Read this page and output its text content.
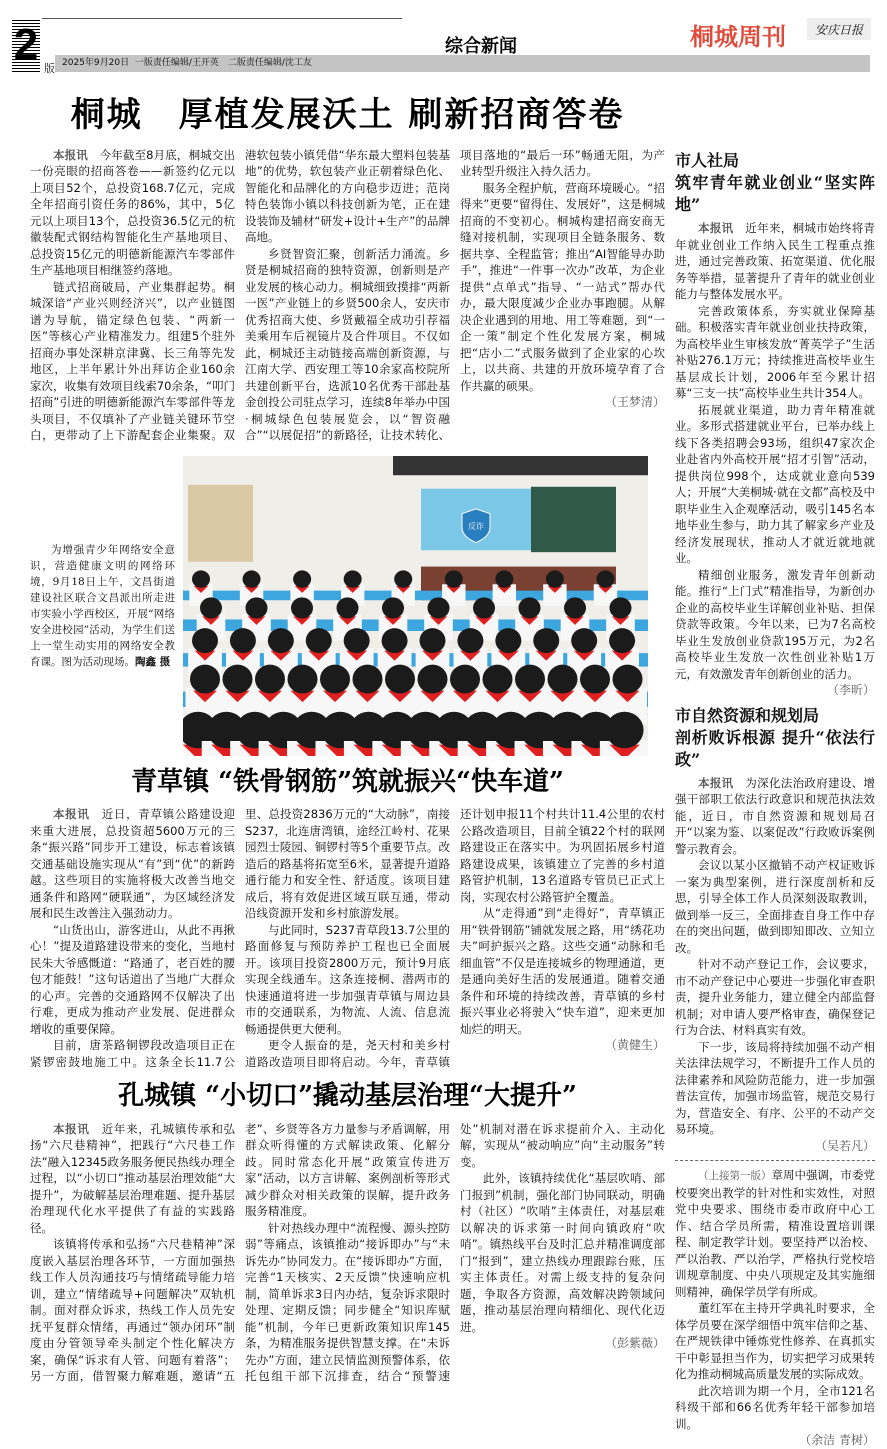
2 版 2025年9月20日 一版责任编辑/王开英　二版责任编辑/沈工友
综合新闻	桐城周刊	安庆日报
桐城　厚植发展沃土 刷新招商答卷

本报讯　 今年截至8月底，桐城交出一份亮眼的招商答卷——新签约亿元以上项目52个，总投资168.7亿元，完成全年招商引资任务的86%，其中，5亿元以上项目13个，总投资36.5亿元的杭徽装配式钢结构智能化生产基地项目、总投资15亿元的明德新能源汽车零部件生产基地项目相继签约落地。

链式招商破局，产业集群起势。桐城深谙“产业兴则经济兴”，以产业链图谱为导航，锚定绿色包装、“两新一医”等核心产业精准发力。组建5个驻外招商办事处深耕京津冀、长三角等先发地区，上半年累计外出拜访企业160余家次，收集有效项目线索70余条，“叩门招商”引进的明德新能源汽车零部件等龙头项目，不仅填补了产业链关键环节空白，更带动了上下游配套企业集聚。双港软包装小镇凭借“华东最大塑料包装基地”的优势，软包装产业正朝着绿色化、智能化和品牌化的方向稳步迈进；范岗特色装饰小镇以科技创新为笔，正在建设装饰及辅材“研发+设计+生产”的品牌高地。

乡贤智资汇聚，创新活力涌流。乡贤是桐城招商的独特资源，创新则是产业发展的核心动力。桐城细致摸排“两新一医”产业链上的乡贤500余人，安庆市优秀招商大使、乡贤戴福全成功引荐福美乘用车后视镜片及合件项目。不仅如此，桐城还主动链接高端创新资源，与江南大学、西安理工等10余家高校院所共建创新平台，选派10名优秀干部赴基金创投公司驻点学习，连续8年举办中国·桐城绿色包装展览会，以“智资融合”“以展促招”的新路径，让技术转化、项目落地的“最后一环”畅通无阻，为产业转型升级注入持久活力。

服务全程护航，营商环境暖心。“招得来”更要“留得住、发展好”，这是桐城招商的不变初心。桐城构建招商安商无缝对接机制，实现项目全链条服务、数据共享、全程监管；推出“AI智能导办助手”，推进“一件事一次办”改革，为企业提供“点单式”指导、“一站式”帮办代办，最大限度减少企业办事跑腿。从解决企业遇到的用地、用工等难题，到“一企一策”制定个性化发展方案，桐城把“店小二”式服务做到了企业家的心坎上，以共商、共建的开放环境孕育了合作共赢的硕果。

（王梦清）
为增强青少年网络安全意识，营造健康文明的网络环境，9月18日上午，文昌街道建设社区联合文昌派出所走进市实验小学西校区，开展“网络安全进校园”活动，为学生们送上一堂生动实用的网络安全教育课。图为活动现场。陶鑫 摄
反诈
青草镇 “铁骨钢筋”筑就振兴“快车道”

本报讯　 近日，青草镇公路建设迎来重大进展，总投资超5600万元的三条“振兴路”同步开工建设，标志着该镇交通基础设施实现从“有”到“优”的新跨越。这些项目的实施将极大改善当地交通条件和路网“硬联通”，为区域经济发展和民生改善注入强劲动力。

“山货出山，游客进山，从此不再揪心！”提及道路建设带来的变化，当地村民朱大爷感慨道：“路通了，老百姓的腰包才能鼓！”这句话道出了当地广大群众的心声。完善的交通路网不仅解决了出行难，更成为推动产业发展、促进群众增收的重要保障。

目前，唐茶路铜锣段改造项目正在紧锣密鼓地施工中。这条全长11.7公里、总投资2836万元的“大动脉”，南接S237，北连唐湾镇，途经江岭村、花果园烈士陵园、铜锣村等5个重要节点。改造后的路基将拓宽至6米，显著提升道路通行能力和安全性、舒适度。该项目建成后，将有效促进区域互联互通，带动沿线资源开发和乡村旅游发展。

与此同时，S237青草段13.7公里的路面修复与预防养护工程也已全面展开。该项目投资2800万元，预计9月底实现全线通车。这条连接桐、潜两市的快速通道将进一步加强青草镇与周边县市的交通联系，为物流、人流、信息流畅通提供更大便利。

更令人振奋的是，尧天村和美乡村道路改造项目即将启动。今年，青草镇还计划申报11个村共计11.4公里的农村公路改造项目，目前全镇22个村的联网路建设正在落实中。为巩固拓展乡村道路建设成果，该镇建立了完善的乡村道路管护机制，13名道路专管员已正式上岗，实现农村公路管护全覆盖。

从“走得通”到“走得好”，青草镇正用“铁骨钢筋”铺就发展之路，用“绣花功夫”呵护振兴之路。这些交通“动脉和毛细血管”不仅是连接城乡的物理通道，更是通向美好生活的发展通道。随着交通条件和环境的持续改善，青草镇的乡村振兴事业必将驶入“快车道”，迎来更加灿烂的明天。

（黄健生）
孔城镇 “小切口”撬动基层治理“大提升”

本报讯　 近年来，孔城镇传承和弘扬“六尺巷精神”，把践行“六尺巷工作法”融入12345政务服务便民热线办理全过程，以“小切口”推动基层治理效能“大提升”，为破解基层治理难题、提升基层治理现代化水平提供了有益的实践路径。

该镇将传承和弘扬“六尺巷精神”深度嵌入基层治理各环节，一方面加强热线工作人员沟通技巧与情绪疏导能力培训，建立“情绪疏导+问题解决”双轨机制。面对群众诉求，热线工作人员先安抚平复群众情绪，再通过“领办闭环”制度由分管领导牵头制定个性化解决方案，确保“诉求有人管、问题有着落”；另一方面，借智聚力解难题，邀请“五老”、乡贤等各方力量参与矛盾调解，用群众听得懂的方式解读政策、化解分歧。同时常态化开展“政策宣传进万家”活动，以方言讲解、案例剖析等形式减少群众对相关政策的误解，提升政务服务精准度。

针对热线办理中“流程慢、源头控防弱”等痛点，该镇推动“接诉即办”与“未诉先办”协同发力。在“接诉即办”方面，完善“1天核实、2天反馈”快速响应机制，简单诉求3日内办结，复杂诉求限时处理、定期反馈；同步健全“知识库赋能”机制，今年已更新政策知识库145条，为精准服务提供智慧支撑。在“未诉先办”方面，建立民情监测预警体系，依托包组干部下沉排查，结合“预警速处”机制对潜在诉求提前介入、主动化解，实现从“被动响应”向“主动服务”转变。

此外，该镇持续优化“基层吹哨、部门报到”机制，强化部门协同联动，明确村（社区）“吹哨”主体责任，对基层难以解决的诉求第一时间向镇政府“吹哨”。镇热线平台及时汇总并精准调度部门“报到”，建立热线办理跟踪台账，压实主体责任。对需上级支持的复杂问题，争取各方资源，高效解决跨领域问题，推动基层治理向精细化、现代化迈进。

（彭紫薇）
市人社局
筑牢青年就业创业“坚实阵地”

本报讯　 近年来，桐城市始终将青年就业创业工作纳入民生工程重点推进，通过完善政策、拓宽渠道、优化服务等举措，显著提升了青年的就业创业能力与整体发展水平。

完善政策体系，夯实就业保障基础。积极落实青年就业创业扶持政策，为高校毕业生审核发放“菁英学子”生活补贴276.1万元；持续推进高校毕业生基层成长计划，2006年至今累计招募“三支一扶”高校毕业生共计354人。

拓展就业渠道，助力青年精准就业。多形式搭建就业平台，已举办线上线下各类招聘会93场，组织47家次企业赴省内外高校开展“招才引智”活动，提供岗位998个，达成就业意向539人；开展“大美桐城·就在文都”高校及中职毕业生入企观摩活动，吸引145名本地毕业生参与，助力其了解家乡产业及经济发展现状，推动人才就近就地就业。

精细创业服务，激发青年创新动能。推行“上门式”精准指导，为新创办企业的高校毕业生详解创业补贴、担保贷款等政策。今年以来，已为7名高校毕业生发放创业贷款195万元，为2名高校毕业生发放一次性创业补贴1万元，有效激发青年创新创业的活力。

（李昕）
市自然资源和规划局
剖析败诉根源 提升“依法行政”

本报讯　 为深化法治政府建设、增强干部职工依法行政意识和规范执法效能，近日，市自然资源和规划局召开“以案为鉴、以案促改”行政败诉案例警示教育会。

会议以某小区撤销不动产权证败诉一案为典型案例，进行深度剖析和反思，引导全体工作人员深刻汲取教训，做到举一反三，全面排查自身工作中存在的突出问题，做到即知即改、立知立改。

针对不动产登记工作，会议要求，市不动产登记中心要进一步强化审查职责，提升业务能力，建立健全内部监督机制；对申请人要严格审查，确保登记行为合法、材料真实有效。

下一步，该局将持续加强不动产相关法律法规学习，不断提升工作人员的法律素养和风险防范能力，进一步加强普法宣传，加强市场监管，规范交易行为，营造安全、有序、公平的不动产交易环境。

（吴若凡）

（上接第一版）章周中强调，市委党校要突出教学的针对性和实效性，对照党中央要求、围绕市委市政府中心工作、结合学员所需，精准设置培训课程、制定教学计划。要坚持严以治校、严以治教、严以治学，严格执行党校培训规章制度、中央八项规定及其实施细则精神，确保学员学有所成。

董红军在主持开学典礼时要求，全体学员要在深学细悟中筑牢信仰之基、在严规铁律中锤炼党性修养、在真抓实干中彰显担当作为，切实把学习成果转化为推动桐城高质量发展的实际成效。

此次培训为期一个月，全市121名科级干部和66名优秀年轻干部参加培训。

（余洁 青树）
